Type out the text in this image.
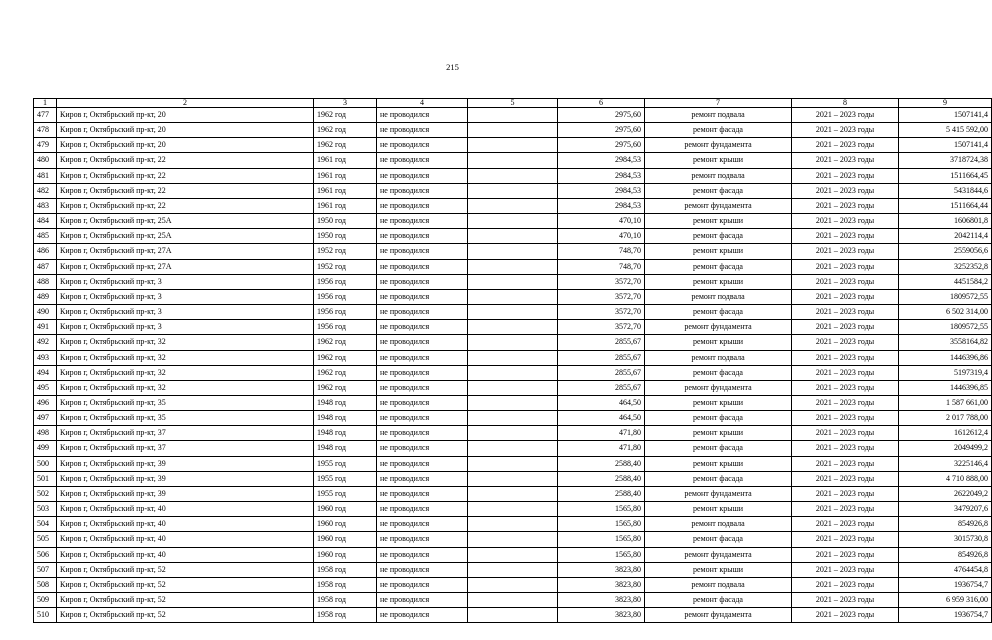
215
1	2	3	4	5	6	7	8	9
477	Киров г, Октябрьский пр-кт, 20	1962 год	не проводился		2975,60	ремонт подвала	2021 – 2023 годы	1507141,4
478	Киров г, Октябрьский пр-кт, 20	1962 год	не проводился		2975,60	ремонт фасада	2021 – 2023 годы	5 415 592,00
479	Киров г, Октябрьский пр-кт, 20	1962 год	не проводился		2975,60	ремонт фундамента	2021 – 2023 годы	1507141,4
480	Киров г, Октябрьский пр-кт, 22	1961 год	не проводился		2984,53	ремонт крыши	2021 – 2023 годы	3718724,38
481	Киров г, Октябрьский пр-кт, 22	1961 год	не проводился		2984,53	ремонт подвала	2021 – 2023 годы	1511664,45
482	Киров г, Октябрьский пр-кт, 22	1961 год	не проводился		2984,53	ремонт фасада	2021 – 2023 годы	5431844,6
483	Киров г, Октябрьский пр-кт, 22	1961 год	не проводился		2984,53	ремонт фундамента	2021 – 2023 годы	1511664,44
484	Киров г, Октябрьский пр-кт, 25А	1950 год	не проводился		470,10	ремонт крыши	2021 – 2023 годы	1606801,8
485	Киров г, Октябрьский пр-кт, 25А	1950 год	не проводился		470,10	ремонт фасада	2021 – 2023 годы	2042114,4
486	Киров г, Октябрьский пр-кт, 27А	1952 год	не проводился		748,70	ремонт крыши	2021 – 2023 годы	2559056,6
487	Киров г, Октябрьский пр-кт, 27А	1952 год	не проводился		748,70	ремонт фасада	2021 – 2023 годы	3252352,8
488	Киров г, Октябрьский пр-кт, 3	1956 год	не проводился		3572,70	ремонт крыши	2021 – 2023 годы	4451584,2
489	Киров г, Октябрьский пр-кт, 3	1956 год	не проводился		3572,70	ремонт подвала	2021 – 2023 годы	1809572,55
490	Киров г, Октябрьский пр-кт, 3	1956 год	не проводился		3572,70	ремонт фасада	2021 – 2023 годы	6 502 314,00
491	Киров г, Октябрьский пр-кт, 3	1956 год	не проводился		3572,70	ремонт фундамента	2021 – 2023 годы	1809572,55
492	Киров г, Октябрьский пр-кт, 32	1962 год	не проводился		2855,67	ремонт крыши	2021 – 2023 годы	3558164,82
493	Киров г, Октябрьский пр-кт, 32	1962 год	не проводился		2855,67	ремонт подвала	2021 – 2023 годы	1446396,86
494	Киров г, Октябрьский пр-кт, 32	1962 год	не проводился		2855,67	ремонт фасада	2021 – 2023 годы	5197319,4
495	Киров г, Октябрьский пр-кт, 32	1962 год	не проводился		2855,67	ремонт фундамента	2021 – 2023 годы	1446396,85
496	Киров г, Октябрьский пр-кт, 35	1948 год	не проводился		464,50	ремонт крыши	2021 – 2023 годы	1 587 661,00
497	Киров г, Октябрьский пр-кт, 35	1948 год	не проводился		464,50	ремонт фасада	2021 – 2023 годы	2 017 788,00
498	Киров г, Октябрьский пр-кт, 37	1948 год	не проводился		471,80	ремонт крыши	2021 – 2023 годы	1612612,4
499	Киров г, Октябрьский пр-кт, 37	1948 год	не проводился		471,80	ремонт фасада	2021 – 2023 годы	2049499,2
500	Киров г, Октябрьский пр-кт, 39	1955 год	не проводился		2588,40	ремонт крыши	2021 – 2023 годы	3225146,4
501	Киров г, Октябрьский пр-кт, 39	1955 год	не проводился		2588,40	ремонт фасада	2021 – 2023 годы	4 710 888,00
502	Киров г, Октябрьский пр-кт, 39	1955 год	не проводился		2588,40	ремонт фундамента	2021 – 2023 годы	2622049,2
503	Киров г, Октябрьский пр-кт, 40	1960 год	не проводился		1565,80	ремонт крыши	2021 – 2023 годы	3479207,6
504	Киров г, Октябрьский пр-кт, 40	1960 год	не проводился		1565,80	ремонт подвала	2021 – 2023 годы	854926,8
505	Киров г, Октябрьский пр-кт, 40	1960 год	не проводился		1565,80	ремонт фасада	2021 – 2023 годы	3015730,8
506	Киров г, Октябрьский пр-кт, 40	1960 год	не проводился		1565,80	ремонт фундамента	2021 – 2023 годы	854926,8
507	Киров г, Октябрьский пр-кт, 52	1958 год	не проводился		3823,80	ремонт крыши	2021 – 2023 годы	4764454,8
508	Киров г, Октябрьский пр-кт, 52	1958 год	не проводился		3823,80	ремонт подвала	2021 – 2023 годы	1936754,7
509	Киров г, Октябрьский пр-кт, 52	1958 год	не проводился		3823,80	ремонт фасада	2021 – 2023 годы	6 959 316,00
510	Киров г, Октябрьский пр-кт, 52	1958 год	не проводился		3823,80	ремонт фундамента	2021 – 2023 годы	1936754,7
